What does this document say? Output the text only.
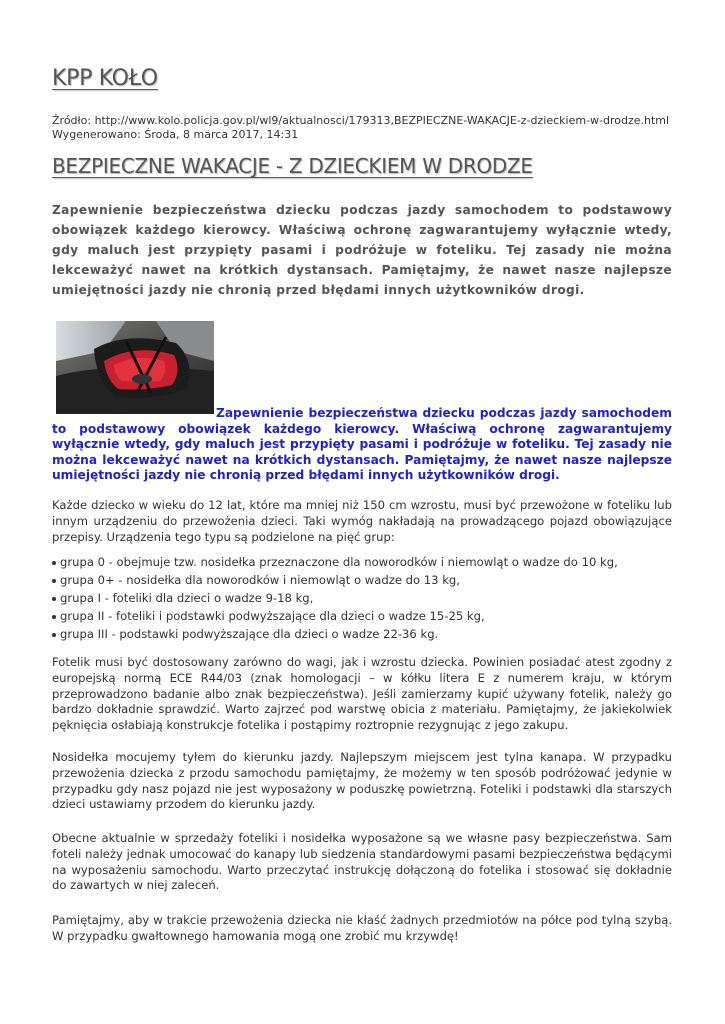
KPP KOŁO
Źródło: http://www.kolo.policja.gov.pl/wl9/aktualnosci/179313,BEZPIECZNE-WAKACJE-z-dzieckiem-w-drodze.html
Wygenerowano: Środa, 8 marca 2017, 14:31
BEZPIECZNE WAKACJE - Z DZIECKIEM W DRODZE

Zapewnienie bezpieczeństwa dziecku podczas jazdy samochodem to podstawowy obowiązek każdego kierowcy. Właściwą ochronę zagwarantujemy wyłącznie wtedy, gdy maluch jest przypięty pasami i podróżuje w foteliku. Tej zasady nie można lekceważyć nawet na krótkich dystansach. Pamiętajmy, że nawet nasze najlepsze umiejętności jazdy nie chronią przed błędami innych użytkowników drogi.

Zapewnienie bezpieczeństwa dziecku podczas jazdy samochodem to podstawowy obowiązek każdego kierowcy. Właściwą ochronę zagwarantujemy wyłącznie wtedy, gdy maluch jest przypięty pasami i podróżuje w foteliku. Tej zasady nie można lekceważyć nawet na krótkich dystansach. Pamiętajmy, że nawet nasze najlepsze umiejętności jazdy nie chronią przed błędami innych użytkowników drogi.

Każde dziecko w wieku do 12 lat, które ma mniej niż 150 cm wzrostu, musi być przewożone w foteliku lub innym urządzeniu do przewożenia dzieci. Taki wymóg nakładają na prowadzącego pojazd obowiązujące przepisy. Urządzenia tego typu są podzielone na pięć grup:

grupa 0 - obejmuje tzw. nosidełka przeznaczone dla noworodków i niemowląt o wadze do 10 kg,
grupa 0+ - nosidełka dla noworodków i niemowląt o wadze do 13 kg,
grupa I - foteliki dla dzieci o wadze 9-18 kg,
grupa II - foteliki i podstawki podwyższające dla dzieci o wadze 15-25 kg,
grupa III - podstawki podwyższające dla dzieci o wadze 22-36 kg.

Fotelik musi być dostosowany zarówno do wagi, jak i wzrostu dziecka. Powinien posiadać atest zgodny z europejską normą ECE R44/03 (znak homologacji – w kółku litera E z numerem kraju, w którym przeprowadzono badanie albo znak bezpieczeństwa). Jeśli zamierzamy kupić używany fotelik, należy go bardzo dokładnie sprawdzić. Warto zajrzeć pod warstwę obicia z materiału. Pamiętajmy, że jakiekolwiek pęknięcia osłabiają konstrukcje fotelika i postąpimy roztropnie rezygnując z jego zakupu.

Nosidełka mocujemy tyłem do kierunku jazdy. Najlepszym miejscem jest tylna kanapa. W przypadku przewożenia dziecka z przodu samochodu pamiętajmy, że możemy w ten sposób podróżować jedynie w przypadku gdy nasz pojazd nie jest wyposażony w poduszkę powietrzną. Foteliki i podstawki dla starszych dzieci ustawiamy przodem do kierunku jazdy.

Obecne aktualnie w sprzedaży foteliki i nosidełka wyposażone są we własne pasy bezpieczeństwa. Sam foteli należy jednak umocować do kanapy lub siedzenia standardowymi pasami bezpieczeństwa będącymi na wyposażeniu samochodu. Warto przeczytać instrukcję dołączoną do fotelika i stosować się dokładnie do zawartych w niej zaleceń.

Pamiętajmy, aby w trakcie przewożenia dziecka nie kłaść żadnych przedmiotów na półce pod tylną szybą. W przypadku gwałtownego hamowania mogą one zrobić mu krzywdę!
